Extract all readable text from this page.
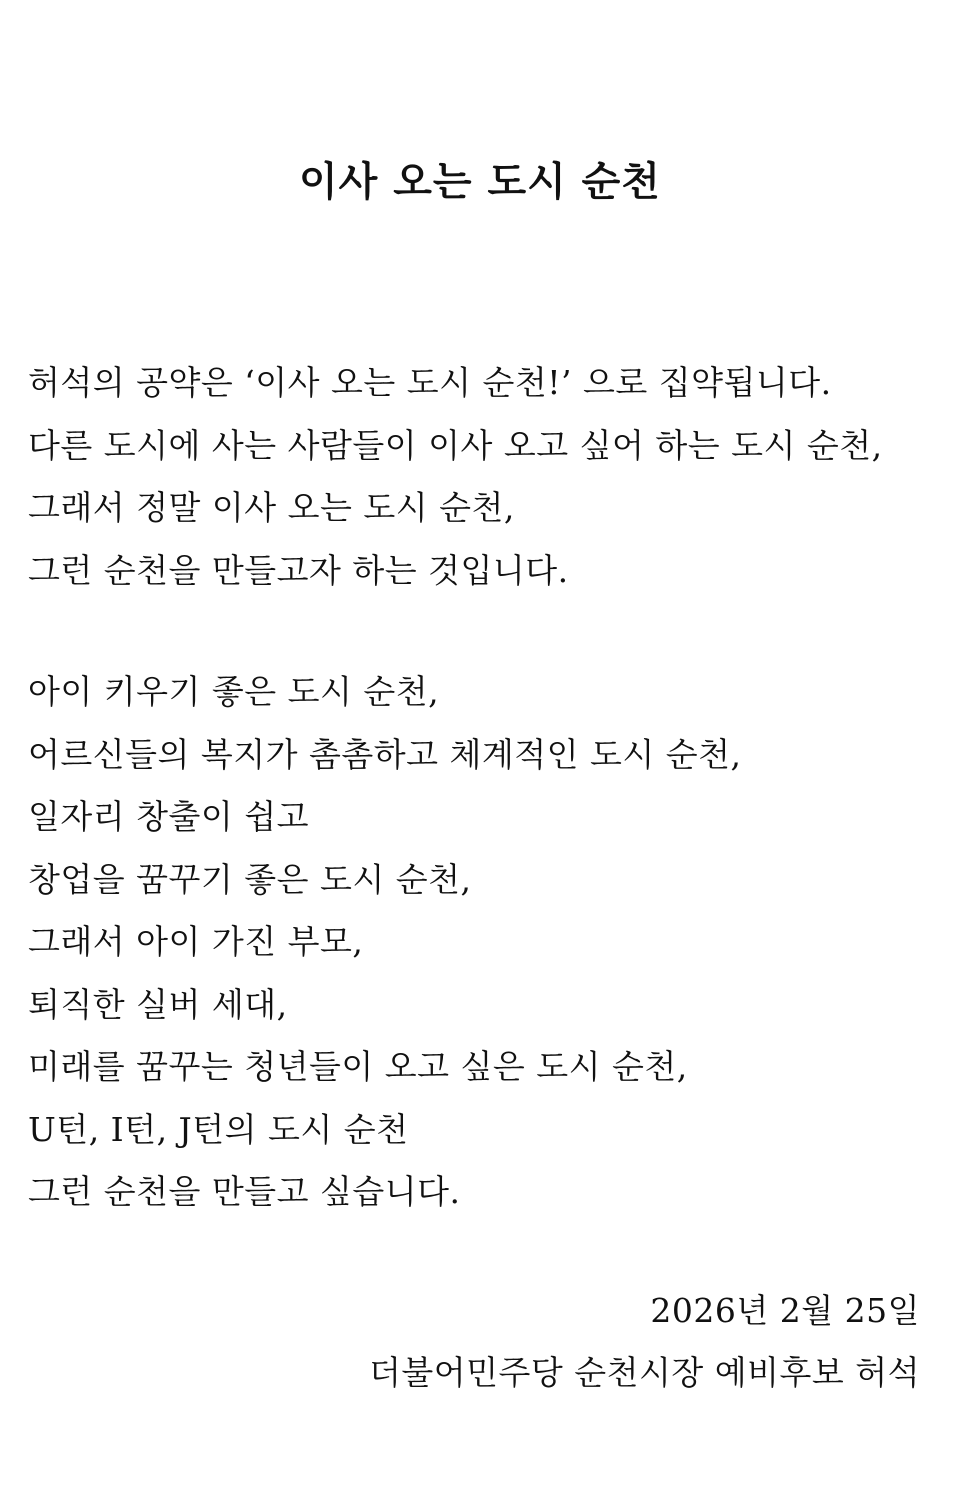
이사 오는 도시 순천
허석의 공약은 ‘이사 오는 도시 순천!’ 으로 집약됩니다.
다른 도시에 사는 사람들이 이사 오고 싶어 하는 도시 순천,
그래서 정말 이사 오는 도시 순천,
그런 순천을 만들고자 하는 것입니다.
아이 키우기 좋은 도시 순천,
어르신들의 복지가 촘촘하고 체계적인 도시 순천,
일자리 창출이 쉽고
창업을 꿈꾸기 좋은 도시 순천,
그래서 아이 가진 부모,
퇴직한 실버 세대,
미래를 꿈꾸는 청년들이 오고 싶은 도시 순천,
U턴, I턴, J턴의 도시 순천
그런 순천을 만들고 싶습니다.
2026년 2월 25일
더불어민주당 순천시장 예비후보 허석
